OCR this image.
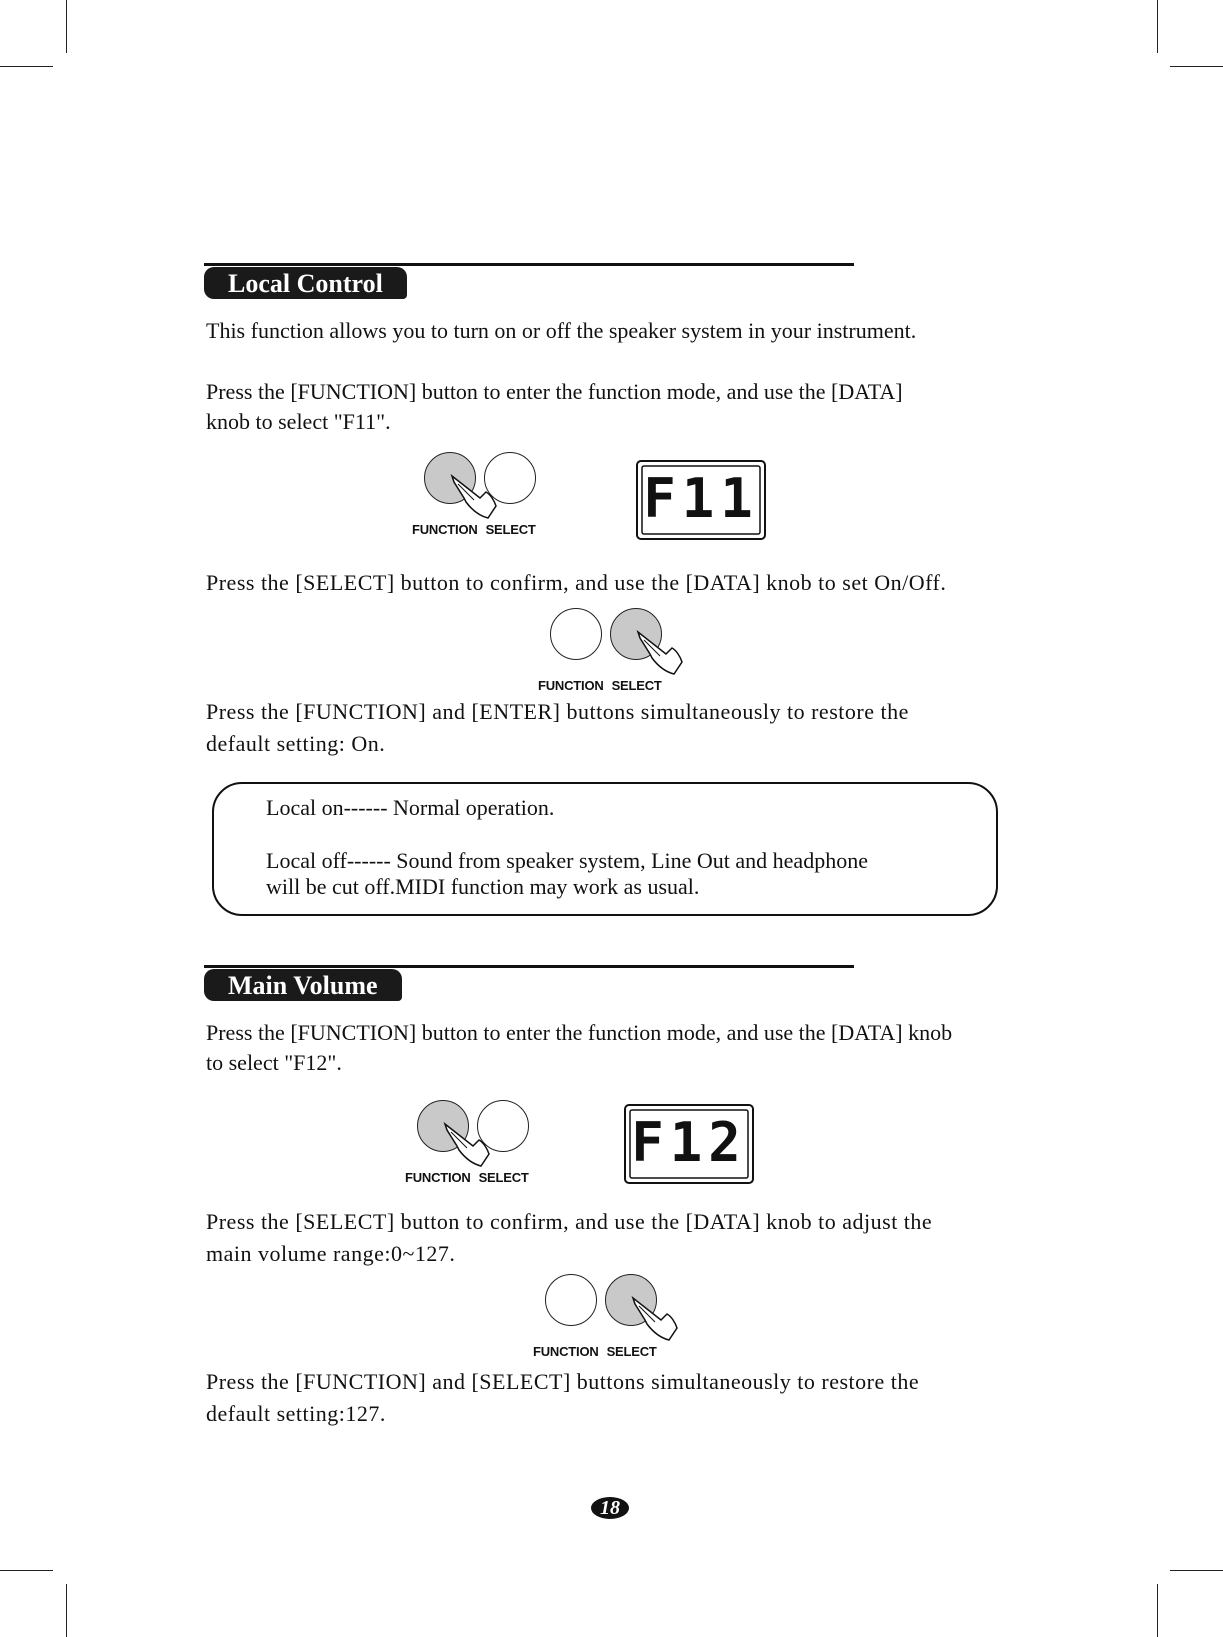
Local Control

This function allows you to turn on or off the speaker system in your instrument.

Press the [FUNCTION] button to enter the function mode, and use the [DATA]

knob to select "F11".

FUNCTION SELECT	F11

Press the [SELECT] button to confirm, and use the [DATA] knob to set On/Off.

FUNCTION SELECT

Press the [FUNCTION] and [ENTER] buttons simultaneously to restore the

default setting: On.

Local on------ Normal operation.

Local off------ Sound from speaker system, Line Out and headphone

will be cut off.MIDI function may work as usual.

Main Volume

Press the [FUNCTION] button to enter the function mode, and use the [DATA] knob

to select "F12".

FUNCTION SELECT
F12

Press the [SELECT] button to confirm, and use the [DATA] knob to adjust the

main volume range:0~127.

FUNCTION SELECT

Press the [FUNCTION] and [SELECT] buttons simultaneously to restore the

default setting:127.

18
